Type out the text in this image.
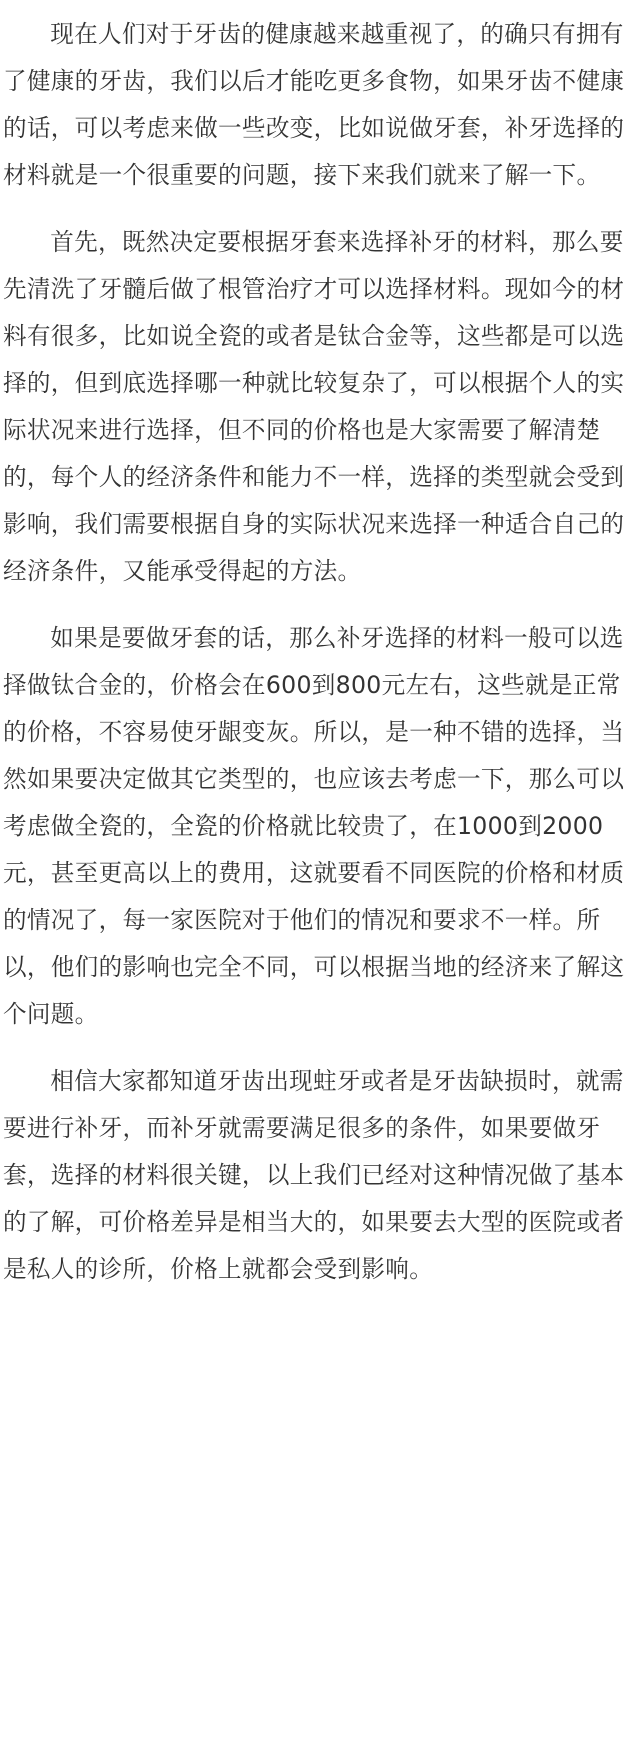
现在人们对于牙齿的健康越来越重视了，的确只有拥有了健康的牙齿，我们以后才能吃更多食物，如果牙齿不健康的话，可以考虑来做一些改变，比如说做牙套，补牙选择的材料就是一个很重要的问题，接下来我们就来了解一下。

首先，既然决定要根据牙套来选择补牙的材料，那么要先清洗了牙髓后做了根管治疗才可以选择材料。现如今的材料有很多，比如说全瓷的或者是钛合金等，这些都是可以选择的，但到底选择哪一种就比较复杂了，可以根据个人的实际状况来进行选择，但不同的价格也是大家需要了解清楚的，每个人的经济条件和能力不一样，选择的类型就会受到影响，我们需要根据自身的实际状况来选择一种适合自己的经济条件，又能承受得起的方法。

如果是要做牙套的话，那么补牙选择的材料一般可以选择做钛合金的，价格会在600到800元左右，这些就是正常的价格，不容易使牙龈变灰。所以，是一种不错的选择，当然如果要决定做其它类型的，也应该去考虑一下，那么可以考虑做全瓷的，全瓷的价格就比较贵了，在1000到2000元，甚至更高以上的费用，这就要看不同医院的价格和材质的情况了，每一家医院对于他们的情况和要求不一样。所以，他们的影响也完全不同，可以根据当地的经济来了解这个问题。

相信大家都知道牙齿出现蛀牙或者是牙齿缺损时，就需要进行补牙，而补牙就需要满足很多的条件，如果要做牙套，选择的材料很关键，以上我们已经对这种情况做了基本的了解，可价格差异是相当大的，如果要去大型的医院或者是私人的诊所，价格上就都会受到影响。
